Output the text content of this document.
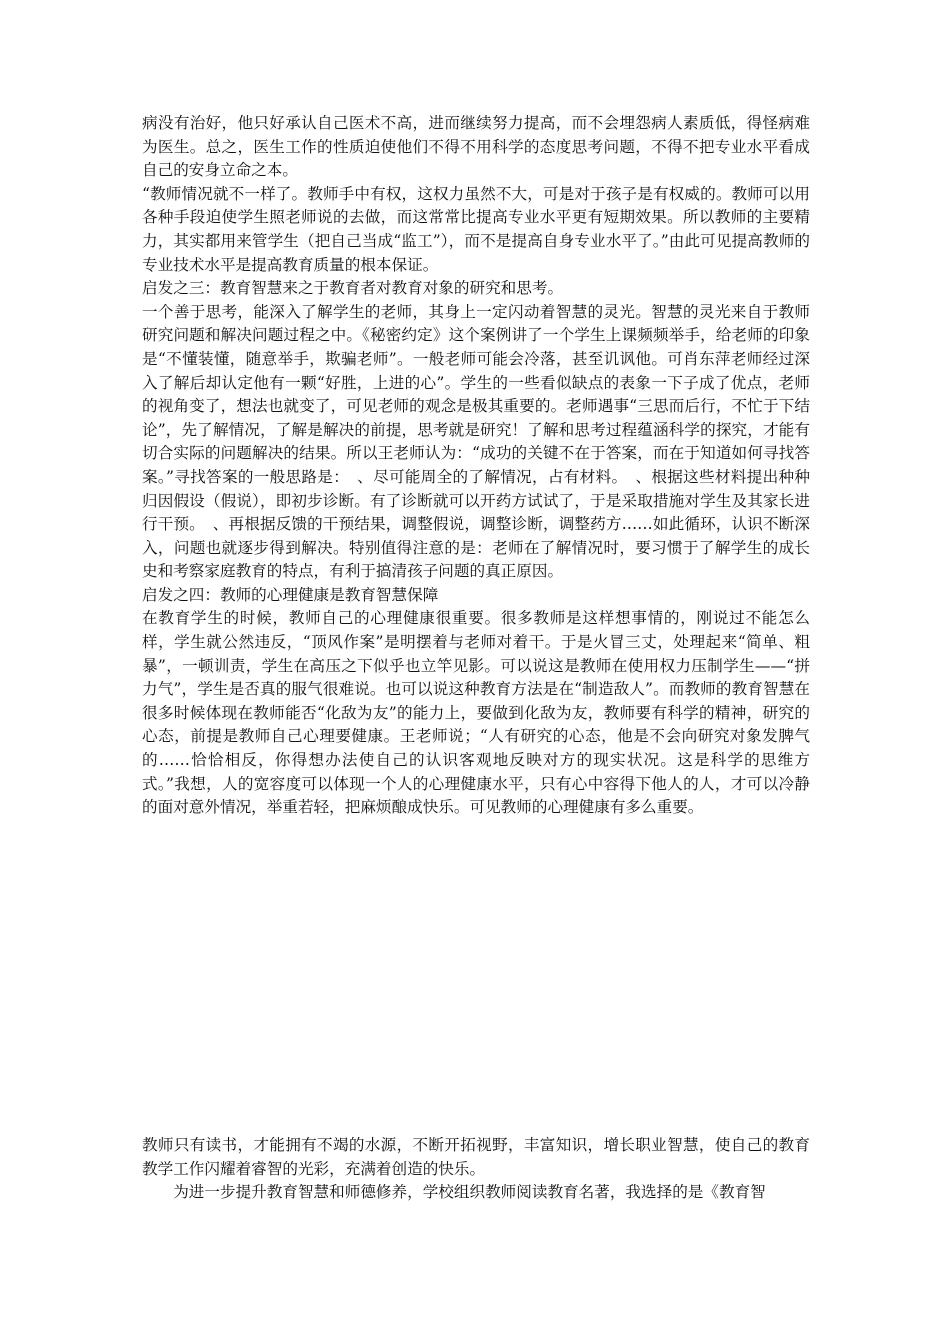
病没有治好，他只好承认自己医术不高，进而继续努力提高，而不会埋怨病人素质低，得怪病难为医生。总之，医生工作的性质迫使他们不得不用科学的态度思考问题，不得不把专业水平看成自己的安身立命之本。

“教师情况就不一样了。教师手中有权，这权力虽然不大，可是对于孩子是有权威的。教师可以用各种手段迫使学生照老师说的去做，而这常常比提高专业水平更有短期效果。所以教师的主要精力，其实都用来管学生（把自己当成“监工”），而不是提高自身专业水平了。”由此可见提高教师的专业技术水平是提高教育质量的根本保证。

启发之三：教育智慧来之于教育者对教育对象的研究和思考。

一个善于思考，能深入了解学生的老师，其身上一定闪动着智慧的灵光。智慧的灵光来自于教师研究问题和解决问题过程之中。《秘密约定》这个案例讲了一个学生上课频频举手，给老师的印象是“不懂装懂，随意举手，欺骗老师”。一般老师可能会冷落，甚至讥讽他。可肖东萍老师经过深入了解后却认定他有一颗“好胜，上进的心”。学生的一些看似缺点的表象一下子成了优点，老师的视角变了，想法也就变了，可见老师的观念是极其重要的。老师遇事“三思而后行，不忙于下结论”，先了解情况，了解是解决的前提，思考就是研究！了解和思考过程蕴涵科学的探究，才能有切合实际的问题解决的结果。所以王老师认为：“成功的关键不在于答案，而在于知道如何寻找答案。”寻找答案的一般思路是：　、尽可能周全的了解情况，占有材料。　、根据这些材料提出种种归因假设（假说），即初步诊断。有了诊断就可以开药方试试了，于是采取措施对学生及其家长进行干预。　、再根据反馈的干预结果，调整假说，调整诊断，调整药方……如此循环，认识不断深入，问题也就逐步得到解决。特别值得注意的是：老师在了解情况时，要习惯于了解学生的成长史和考察家庭教育的特点，有利于搞清孩子问题的真正原因。

启发之四：教师的心理健康是教育智慧保障

在教育学生的时候，教师自己的心理健康很重要。很多教师是这样想事情的，刚说过不能怎么样，学生就公然违反，“顶风作案”是明摆着与老师对着干。于是火冒三丈，处理起来“简单、粗暴”，一顿训责，学生在高压之下似乎也立竿见影。可以说这是教师在使用权力压制学生——“拼力气”，学生是否真的服气很难说。也可以说这种教育方法是在“制造敌人”。而教师的教育智慧在很多时候体现在教师能否“化敌为友”的能力上，要做到化敌为友，教师要有科学的精神，研究的心态，前提是教师自己心理要健康。王老师说；“人有研究的心态，他是不会向研究对象发脾气的……恰恰相反，你得想办法使自己的认识客观地反映对方的现实状况。这是科学的思维方式。”我想，人的宽容度可以体现一个人的心理健康水平，只有心中容得下他人的人，才可以冷静的面对意外情况，举重若轻，把麻烦酿成快乐。可见教师的心理健康有多么重要。

教师只有读书，才能拥有不竭的水源，不断开拓视野，丰富知识，增长职业智慧，使自己的教育教学工作闪耀着睿智的光彩，充满着创造的快乐。

为进一步提升教育智慧和师德修养，学校组织教师阅读教育名著，我选择的是《教育智
